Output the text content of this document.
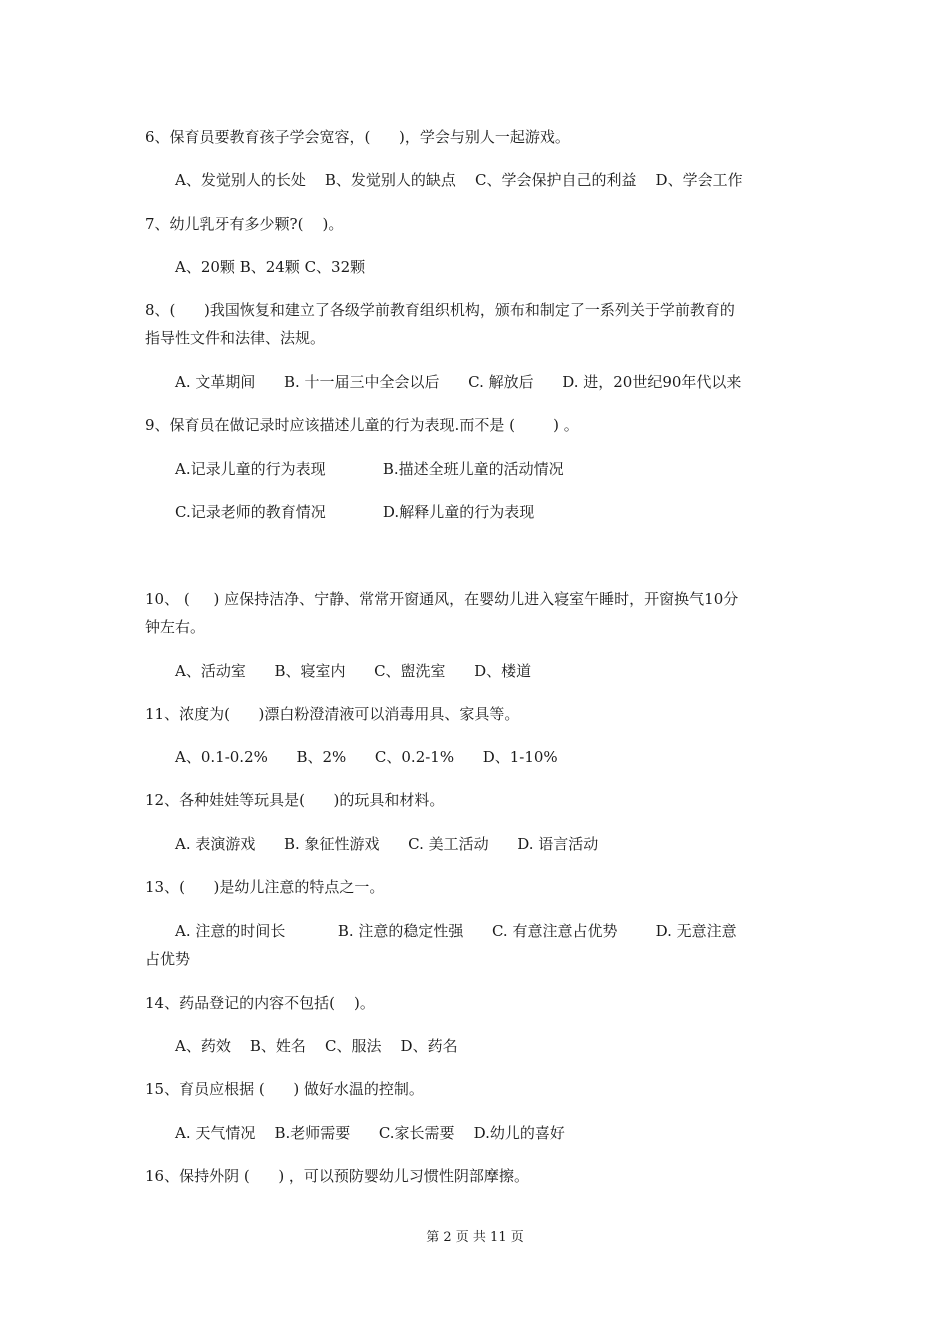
6、保育员要教育孩子学会宽容，(      )，学会与别人一起游戏。
A、发觉别人的长处    B、发觉别人的缺点    C、学会保护自己的利益    D、学会工作
7、幼儿乳牙有多少颗?(    )。
A、20颗 B、24颗 C、32颗
8、(      )我国恢复和建立了各级学前教育组织机构，颁布和制定了一系列关于学前教育的
指导性文件和法律、法规。
A. 文革期间      B. 十一届三中全会以后      C. 解放后      D. 进，20世纪90年代以来
9、保育员在做记录时应该描述儿童的行为表现.而不是 (        ) 。
A.记录儿童的行为表现            B.描述全班儿童的活动情况
C.记录老师的教育情况            D.解释儿童的行为表现
10、 (     ) 应保持洁净、宁静、常常开窗通风，在婴幼儿进入寝室午睡时，开窗换气10分
钟左右。
A、活动室      B、寝室内      C、盥洗室      D、楼道
11、浓度为(      )漂白粉澄清液可以消毒用具、家具等。
A、0.1-0.2%      B、2%      C、0.2-1%      D、1-10%
12、各种娃娃等玩具是(      )的玩具和材料。
A. 表演游戏      B. 象征性游戏      C. 美工活动      D. 语言活动
13、(      )是幼儿注意的特点之一。
A. 注意的时间长           B. 注意的稳定性强      C. 有意注意占优势        D. 无意注意
占优势
14、药品登记的内容不包括(    )。
A、药效    B、姓名    C、服法    D、药名
15、育员应根据 (      ) 做好水温的控制。
A. 天气情况    B.老师需要      C.家长需要    D.幼儿的喜好
16、保持外阴 (      ) ，可以预防婴幼儿习惯性阴部摩擦。
第 2 页 共 11 页
